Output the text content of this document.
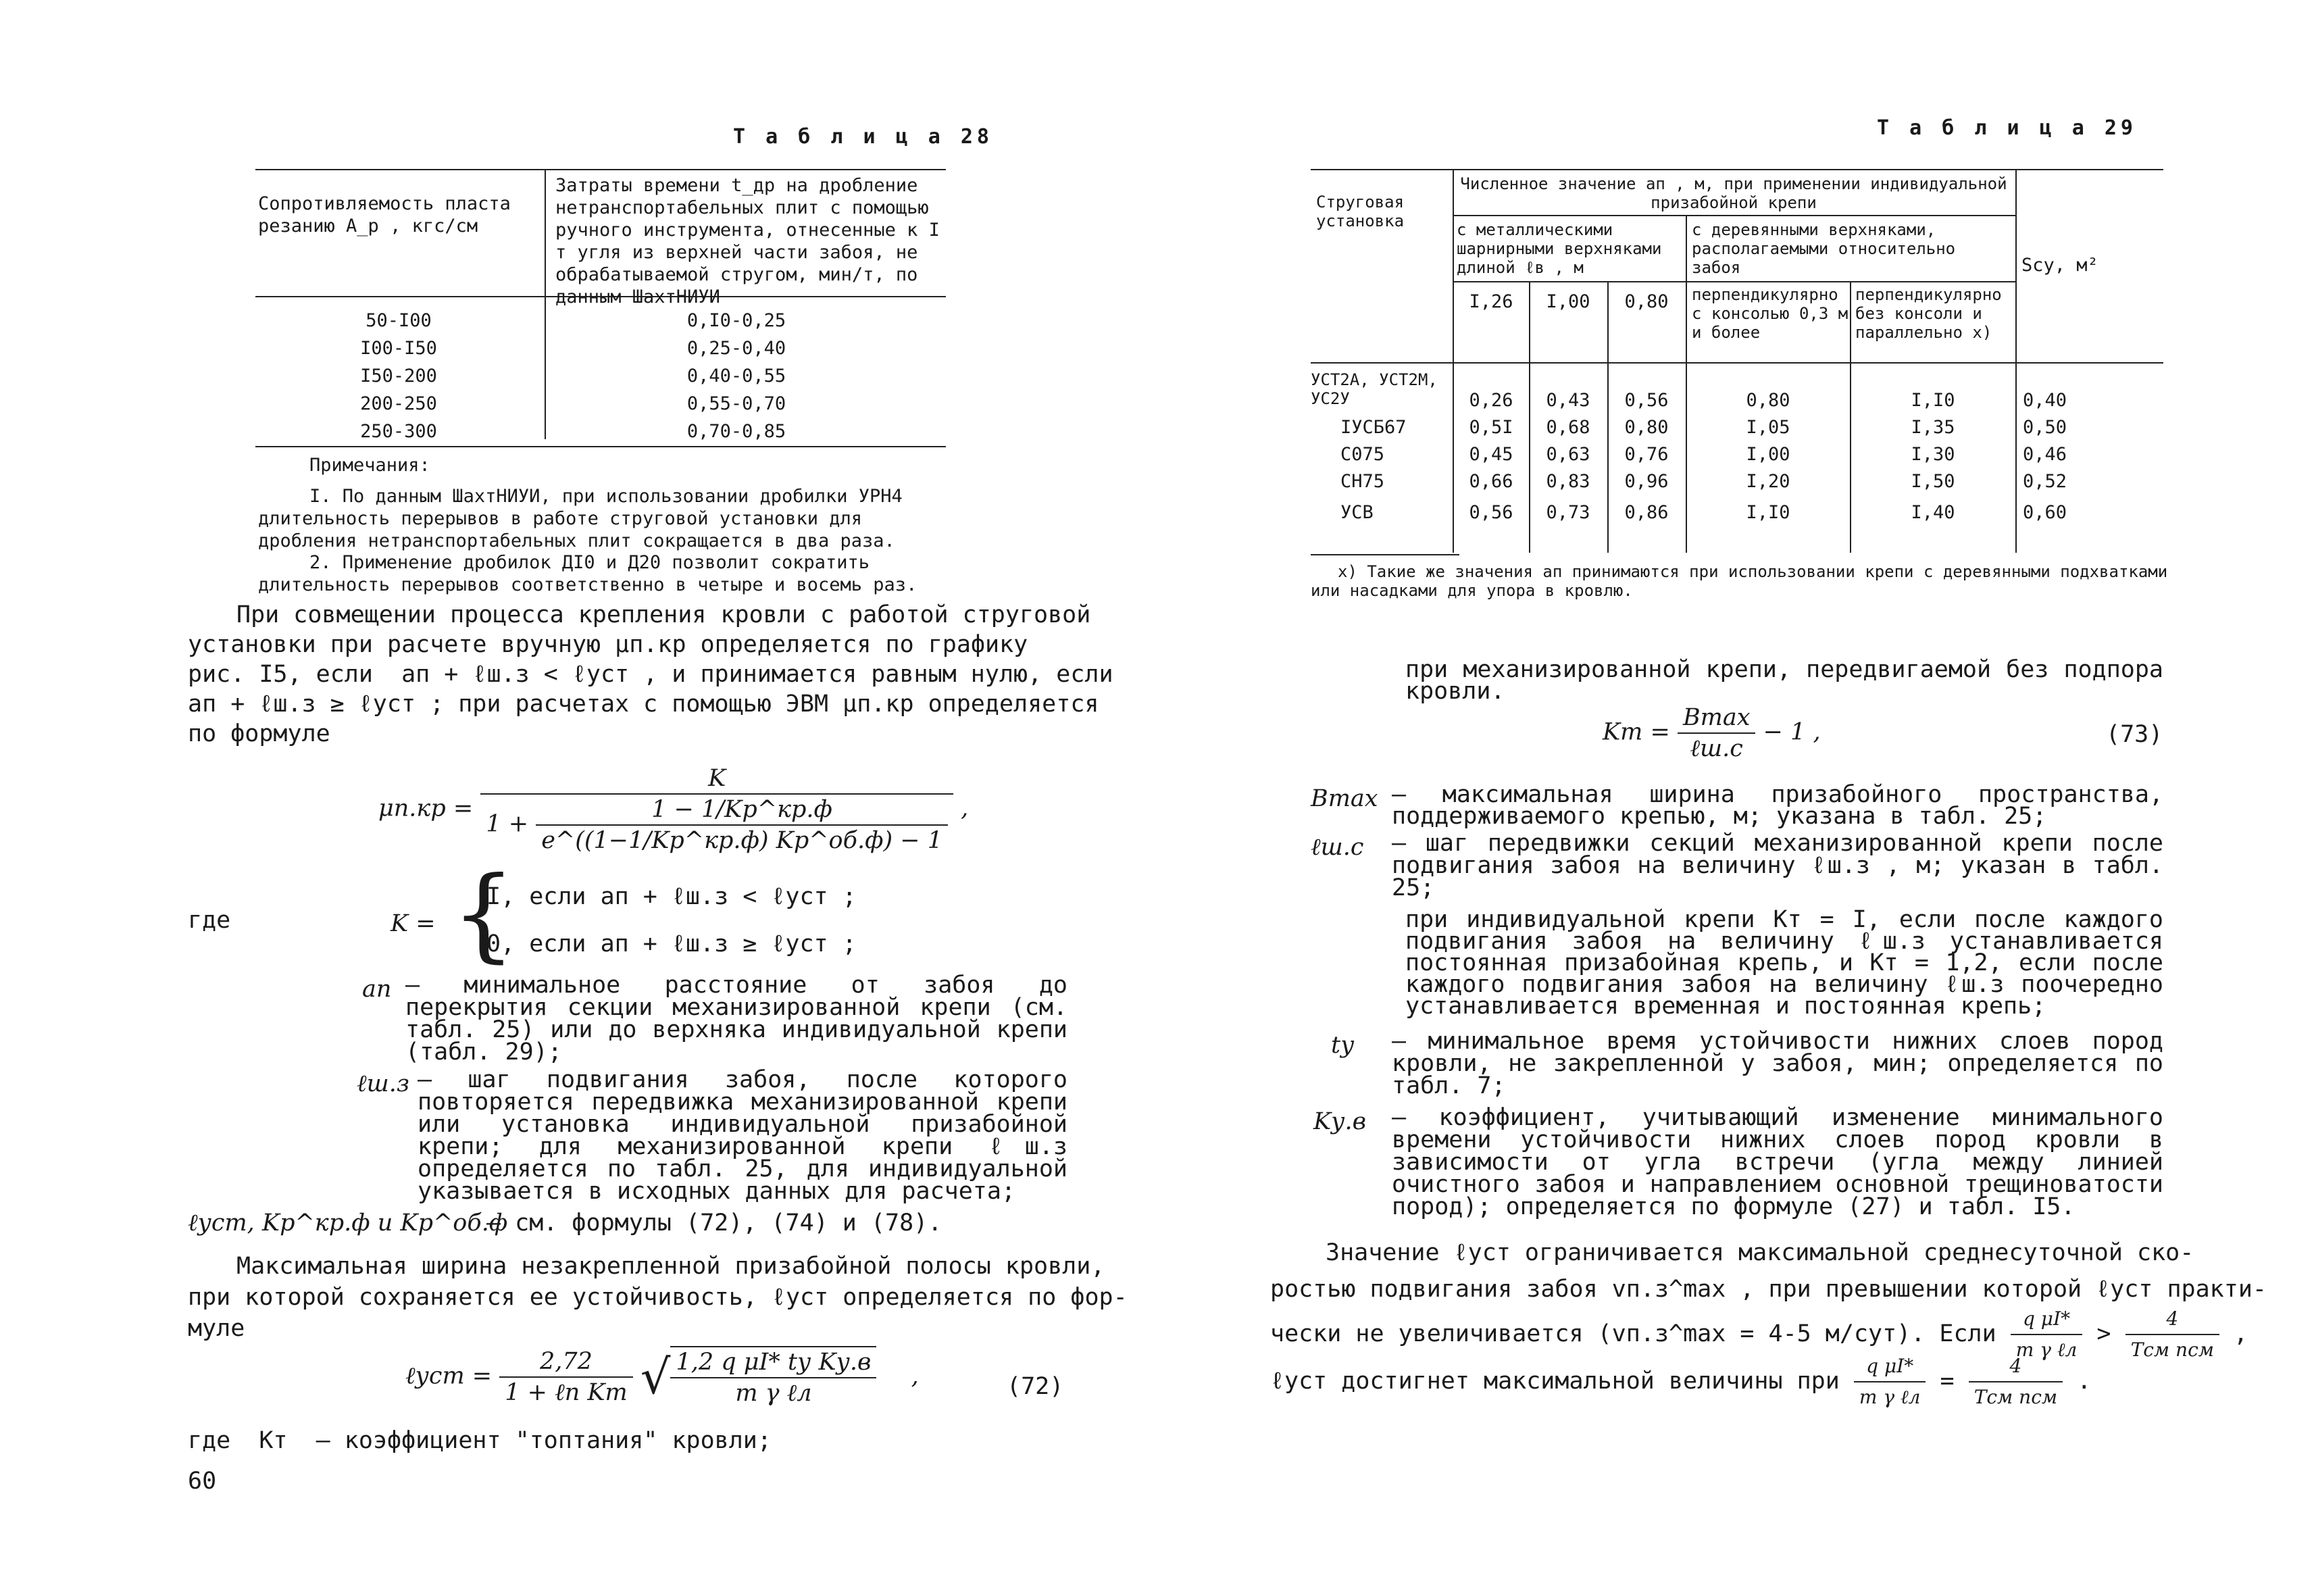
Т а б л и ц а 28
Сопротивляемость пласта резанию A_p , кгс/см
Затраты времени t_др на дробление нетранспортабельных плит с помощью ручного инструмента, отнесенные к I т угля из верхней части забоя, не обрабатываемой стругом, мин/т, по данным ШахтНИУИ
50-I00	0,I0-0,25
I00-I50	0,25-0,40
I50-200	0,40-0,55
200-250	0,55-0,70
250-300	0,70-0,85
Примечания:
I. По данным ШахтНИУИ, при использовании дробилки УРН4 длительность перерывов в работе струговой установки для дробления нетранспортабельных плит сокращается в два раза.
2. Применение дробилок ДI0 и Д20 позволит сократить длительность перерывов соответственно в четыре и восемь раз.
При совмещении процесса крепления кровли с работой струговой
установки при расчете вручную μп.кр определяется по графику
рис. I5, если  aп + ℓш.з < ℓуст , и принимается равным нулю, если
aп + ℓш.з ≥ ℓуст ; при расчетах с помощью ЭВМ μп.кр определяется
по формуле
μп.кр =
K
$1 + \frac{1 - 1/Kр\^{}кр.ф}{e\^{}((1-1/Kр\^{}кр.ф) Kр\^{}об.ф) - 1}$ ,
где	K = {
I, если aп + ℓш.з < ℓуст ;
0, если aп + ℓш.з ≥ ℓуст ;
aп – минимальное расстояние от забоя до перекрытия секции механизированной крепи (см. табл. 25) или до верхняка индивидуальной крепи (табл. 29);
ℓш.з – шаг подвигания забоя, после которого повторяется передвижка механизированной крепи или установка индивидуальной призабойной крепи; для механизированной крепи ℓш.з определяется по табл. 25, для индивидуальной указывается в исходных данных для расчета;
ℓуст, Kр^кр.ф и Kр^об.ф
– см. формулы (72), (74) и (78).
Максимальная ширина незакрепленной призабойной полосы кровли,
при которой сохраняется ее устойчивость, ℓуст определяется по фор-
муле
ℓуст = $\frac{2,72}{\text{1 + ℓn Kт}}$ √ $\frac{\text{1,2 q μI* tу Kу.в}}{\text{m γ ℓл}}$ ,	(72)
где  Kт  – коэффициент "топтания" кровли;
60
Т а б л и ц а 29
Струговая установка
Численное значение aп , м, при применении индивидуальной призабойной крепи
с металлическими шарнирными верхняками длиной ℓв , м
с деревянными верхняками, располагаемыми относительно забоя
I,26	I,00	0,80	перпендикулярно с консолью 0,3 м и более
перпендикулярно без консоли и параллельно x)
Sсу, м²
УСТ2А, УСТ2М, УС2У	0,26	0,43	0,56	0,80	I,I0	0,40
IУСБ67	0,5I	0,68	0,80	I,05	I,35	0,50
С075	0,45	0,63	0,76	I,00	I,30	0,46
СН75	0,66	0,83	0,96	I,20	I,50	0,52
УСВ	0,56	0,73	0,86	I,I0	I,40	0,60
x) Такие же значения aп принимаются при использовании крепи с деревянными подхватками или насадками для упора в кровлю.
при механизированной крепи, передвигаемой без подпора кровли.
Kт = $\frac{Bmax}{\text{ℓш.с}} - 1$ ,	(73)
Bmax – максимальная ширина призабойного пространства, поддерживаемого крепью, м; указана в табл. 25;
ℓш.с – шаг передвижки секций механизированной крепи после подвигания забоя на величину ℓш.з , м; указан в табл. 25;
при индивидуальной крепи Kт = I, если после каждого подвигания забоя на величину ℓш.з устанавливается постоянная призабойная крепь, и Kт = 1,2, если после каждого подвигания забоя на величину ℓш.з поочередно устанавливается временная и постоянная крепь;
tу – минимальное время устойчивости нижних слоев пород кровли, не закрепленной у забоя, мин; определяется по табл. 7;
Kу.в – коэффициент, учитывающий изменение минимального времени устойчивости нижних слоев пород кровли в зависимости от угла встречи (угла между линией очистного забоя и направлением основной трещиноватости пород); определяется по формуле (27) и табл. I5.
Значение ℓуст ограничивается максимальной среднесуточной ско-
ростью подвигания забоя vп.з^max , при превышении которой ℓуст практи-
чески не увеличивается (vп.з^max = 4-5 м/сут). Если $\frac{\text{q μI*}}{\text{m γ ℓл}} > \frac{4}{\text{Tсм nсм}}$ ,
ℓуст достигнет максимальной величины при $\frac{\text{q μI*}}{\text{m γ ℓл}} = \frac{4}{\text{Tсм nсм}}$ .
